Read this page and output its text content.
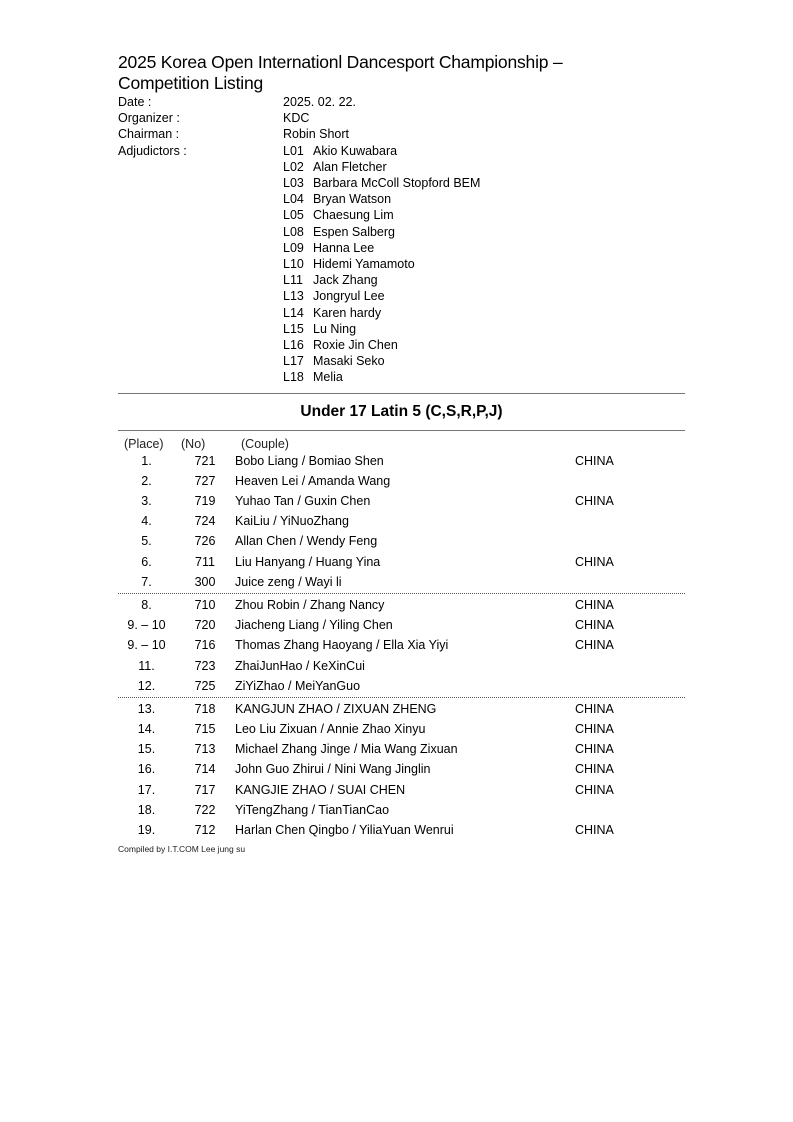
2025 Korea Open Internationl Dancesport Championship –
Competition Listing
Date :	2025. 02. 22.
Organizer :	KDC
Chairman :	Robin Short
Adjudictors :	L01 Akio Kuwabara
L02 Alan Fletcher
L03 Barbara McColl Stopford BEM
L04 Bryan Watson
L05 Chaesung Lim
L08 Espen Salberg
L09 Hanna Lee
L10 Hidemi Yamamoto
L11 Jack Zhang
L13 Jongryul Lee
L14 Karen hardy
L15 Lu Ning
L16 Roxie Jin Chen
L17 Masaki Seko
L18 Melia
Under 17 Latin 5 (C,S,R,P,J)
(Place)	(No)	(Couple)
1.	721	Bobo Liang / Bomiao Shen	CHINA
2.	727	Heaven Lei / Amanda Wang
3.	719	Yuhao Tan / Guxin Chen	CHINA
4.	724	KaiLiu / YiNuoZhang
5.	726	Allan Chen / Wendy Feng
6.	711	Liu Hanyang / Huang Yina	CHINA
7.	300	Juice zeng / Wayi li
8.	710	Zhou Robin / Zhang Nancy	CHINA
9. – 10	720	Jiacheng Liang / Yiling Chen	CHINA
9. – 10	716	Thomas Zhang Haoyang / Ella Xia Yiyi	CHINA
11.	723	ZhaiJunHao / KeXinCui
12.	725	ZiYiZhao / MeiYanGuo
13.	718	KANGJUN ZHAO / ZIXUAN ZHENG	CHINA
14.	715	Leo Liu Zixuan / Annie Zhao Xinyu	CHINA
15.	713	Michael Zhang Jinge / Mia Wang Zixuan	CHINA
16.	714	John Guo Zhirui / Nini Wang Jinglin	CHINA
17.	717	KANGJIE ZHAO / SUAI CHEN	CHINA
18.	722	YiTengZhang / TianTianCao
19.	712	Harlan Chen Qingbo / YiliaYuan Wenrui	CHINA
Compiled by I.T.COM Lee jung su
